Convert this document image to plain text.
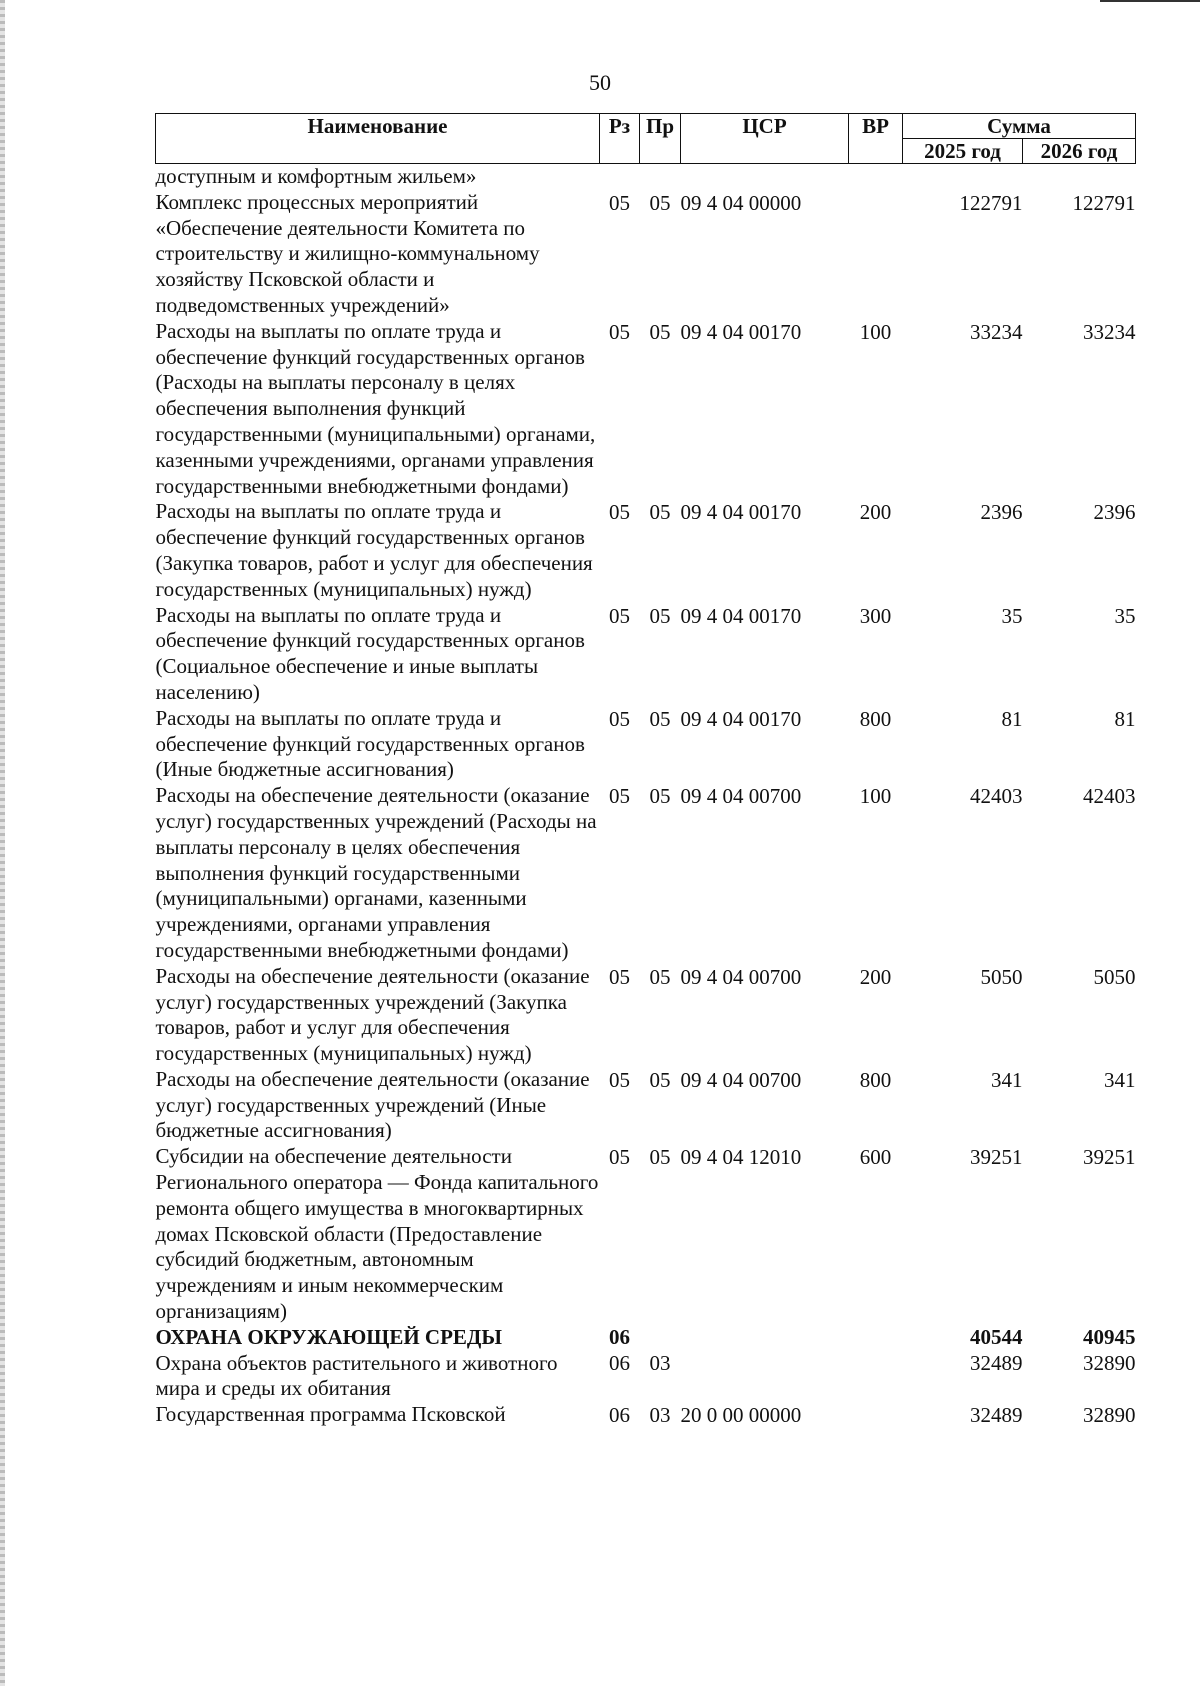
50
Наименование	Рз	Пр	ЦСР	ВР	Сумма	
					2025 год	2026 год
доступным и комфортным жильем»						
Комплекс процессных мероприятий «Обеспечение деятельности Комитета по строительству и жилищно-коммунальному хозяйству Псковской области и подведомственных учреждений»	05	05	09 4 04 00000		122791	122791
Расходы на выплаты по оплате труда и обеспечение функций государственных органов (Расходы на выплаты персоналу в целях обеспечения выполнения функций государственными (муниципальными) органами, казенными учреждениями, органами управления государственными внебюджетными фондами)	05	05	09 4 04 00170	100	33234	33234
Расходы на выплаты по оплате труда и обеспечение функций государственных органов (Закупка товаров, работ и услуг для обеспечения государственных (муниципальных) нужд)	05	05	09 4 04 00170	200	2396	2396
Расходы на выплаты по оплате труда и обеспечение функций государственных органов (Социальное обеспечение и иные выплаты населению)	05	05	09 4 04 00170	300	35	35
Расходы на выплаты по оплате труда и обеспечение функций государственных органов (Иные бюджетные ассигнования)	05	05	09 4 04 00170	800	81	81
Расходы на обеспечение деятельности (оказание услуг) государственных учреждений (Расходы на выплаты персоналу в целях обеспечения выполнения функций государственными (муниципальными) органами, казенными учреждениями, органами управления государственными внебюджетными фондами)	05	05	09 4 04 00700	100	42403	42403
Расходы на обеспечение деятельности (оказание услуг) государственных учреждений (Закупка товаров, работ и услуг для обеспечения государственных (муниципальных) нужд)	05	05	09 4 04 00700	200	5050	5050
Расходы на обеспечение деятельности (оказание услуг) государственных учреждений (Иные бюджетные ассигнования)	05	05	09 4 04 00700	800	341	341
Субсидии на обеспечение деятельности Регионального оператора — Фонда капитального ремонта общего имущества в многоквартирных домах Псковской области (Предоставление субсидий бюджетным, автономным учреждениям и иным некоммерческим организациям)	05	05	09 4 04 12010	600	39251	39251
ОХРАНА ОКРУЖАЮЩЕЙ СРЕДЫ	06				40544	40945
Охрана объектов растительного и животного мира и среды их обитания	06	03			32489	32890
Государственная программа Псковской	06	03	20 0 00 00000		32489	32890
